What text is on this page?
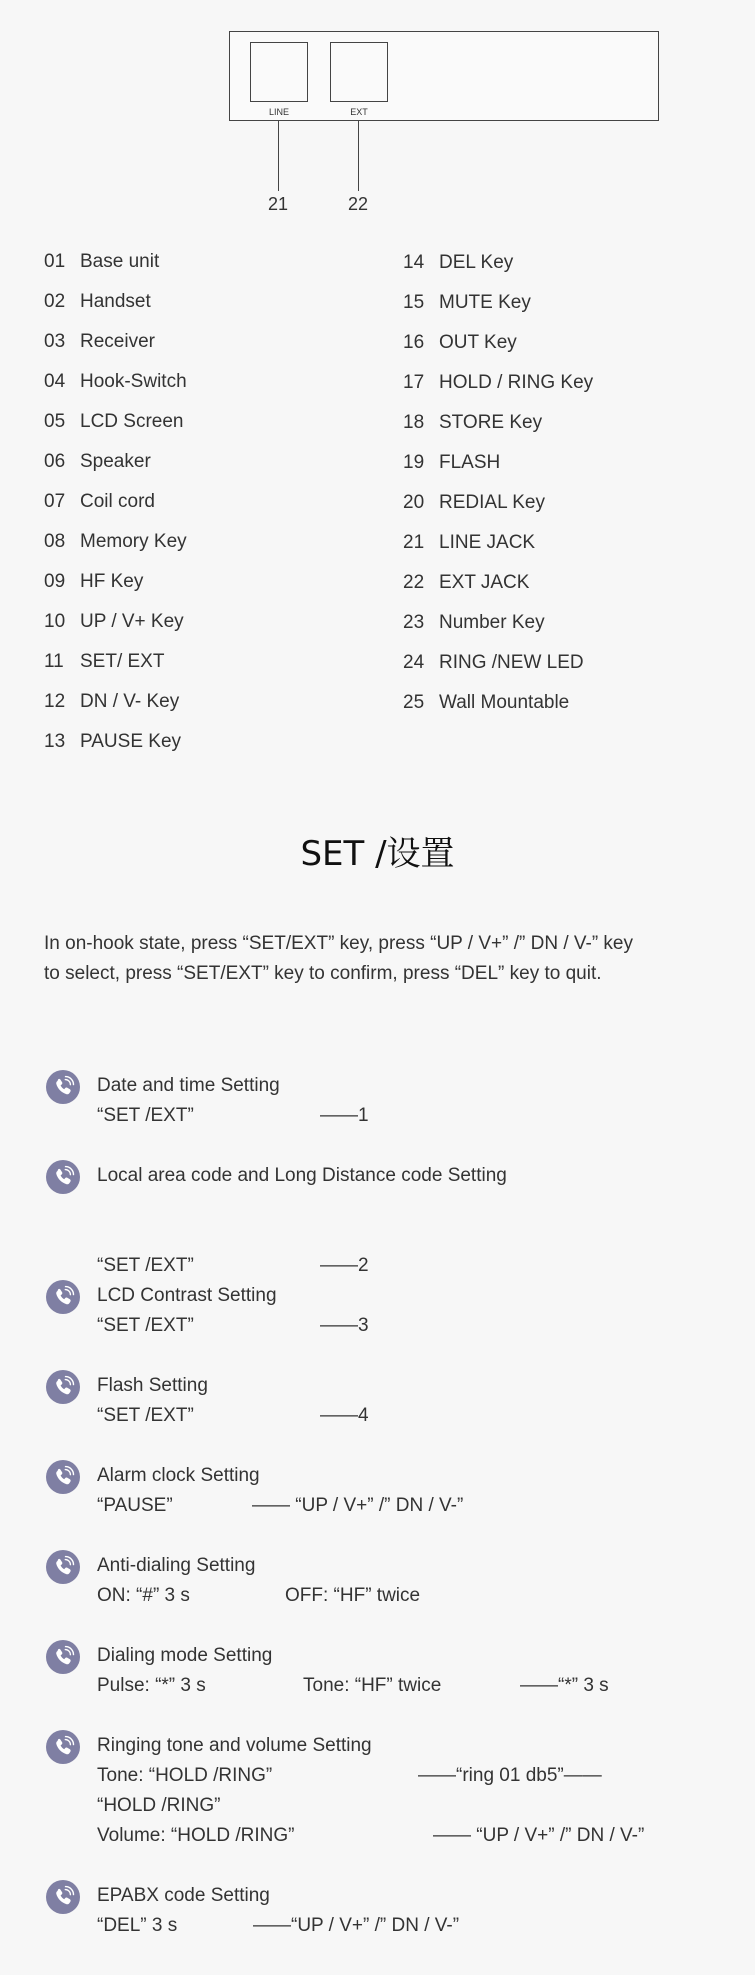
LINE	EXT
21	22
01 Base unit
02 Handset
03 Receiver
04 Hook-Switch
05 LCD Screen
06 Speaker
07 Coil cord
08 Memory Key
09 HF Key
10 UP / V+ Key
11 SET/ EXT
12 DN / V- Key
13 PAUSE Key
14 DEL Key
15 MUTE Key
16 OUT Key
17 HOLD / RING Key
18 STORE Key
19 FLASH
20 REDIAL Key
21 LINE JACK
22 EXT JACK
23 Number Key
24 RING /NEW LED
25 Wall Mountable
SET /设置
In on-hook state, press “SET/EXT” key, press “UP / V+” /” DN / V-” key
to select, press “SET/EXT” key to confirm, press “DEL” key to quit.
Date and time Setting
“SET /EXT”	——1
Local area code and Long Distance code Setting
“SET /EXT”	——2
LCD Contrast Setting
“SET /EXT”	——3
Flash Setting
“SET /EXT”	——4
Alarm clock Setting
“PAUSE”	—— “UP / V+” /” DN / V-”
Anti-dialing Setting
ON: “#” 3 s	OFF: “HF” twice
Dialing mode Setting
Pulse: “*” 3 s	Tone: “HF” twice	——“*” 3 s
Ringing tone and volume Setting
Tone: “HOLD /RING”	——“ring 01 db5”——
“HOLD /RING”
Volume: “HOLD /RING”	—— “UP / V+” /” DN / V-”
EPABX code Setting
“DEL” 3 s	——“UP / V+” /” DN / V-”
